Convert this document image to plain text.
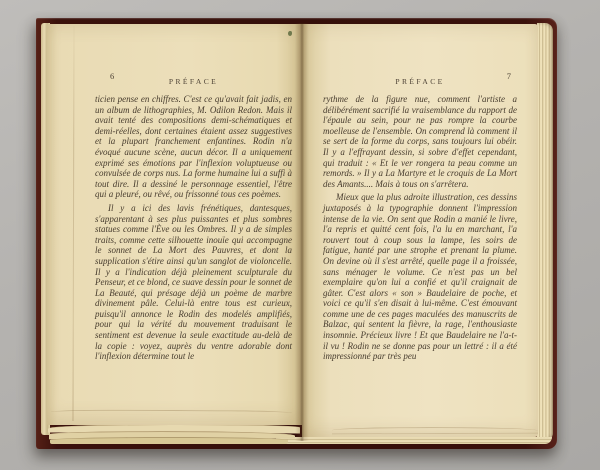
6
PRÉFACE

ticien pense en chiffres. C'est ce qu'avait fait jadis, en un album de lithographies, M. Odilon Redon. Mais il avait tenté des compositions demi-schématiques et demi-réelles, dont certaines étaient assez suggestives et la plupart franchement enfantines. Rodin n'a évoqué aucune scène, aucun décor. Il a uniquement exprimé ses émotions par l'inflexion voluptueuse ou convulsée de corps nus. La forme humaine lui a suffi à tout dire. Il a dessiné le personnage essentiel, l'être qui a pleuré, ou rêvé, ou frissonné tous ces poèmes.

Il y a ici des lavis frénétiques, dantesques, s'apparentant à ses plus puissantes et plus sombres statues comme l'Ève ou les Ombres. Il y a de simples traits, comme cette silhouette inouïe qui accompagne le sonnet de La Mort des Pauvres, et dont la supplication s'étire ainsi qu'un sanglot de violoncelle. Il y a l'indication déjà pleinement sculpturale du Penseur, et ce blond, ce suave dessin pour le sonnet de La Beauté, qui présage déjà un poème de marbre divinement pâle. Celui-là entre tous est curieux, puisqu'il annonce le Rodin des modelés amplifiés, pour qui la vérité du mouvement traduisant le sentiment est devenue la seule exactitude au-delà de la copie : voyez, auprès du ventre adorable dont l'inflexion détermine tout le

PRÉFACE
7

rythme de la figure nue, comment l'artiste a délibérément sacrifié la vraisemblance du rapport de l'épaule au sein, pour ne pas rompre la courbe moelleuse de l'ensemble. On comprend là comment il se sert de la forme du corps, sans toujours lui obéir. Il y a l'effrayant dessin, si sobre d'effet cependant, qui traduit : « Et le ver rongera ta peau comme un remords. » Il y a La Martyre et le croquis de La Mort des Amants.... Mais à tous on s'arrêtera.

Mieux que la plus adroite illustration, ces dessins juxtaposés à la typographie donnent l'impression intense de la vie. On sent que Rodin a manié le livre, l'a repris et quitté cent fois, l'a lu en marchant, l'a rouvert tout à coup sous la lampe, les soirs de fatigue, hanté par une strophe et prenant la plume. On devine où il s'est arrêté, quelle page il a froissée, sans ménager le volume. Ce n'est pas un bel exemplaire qu'on lui a confié et qu'il craignait de gâter. C'est alors « son » Baudelaire de poche, et voici ce qu'il s'en disait à lui-même. C'est émouvant comme une de ces pages maculées des manuscrits de Balzac, qui sentent la fièvre, la rage, l'enthousiaste insomnie. Précieux livre ! Et que Baudelaire ne l'a-t-il vu ! Rodin ne se donne pas pour un lettré : il a été impressionné par très peu
